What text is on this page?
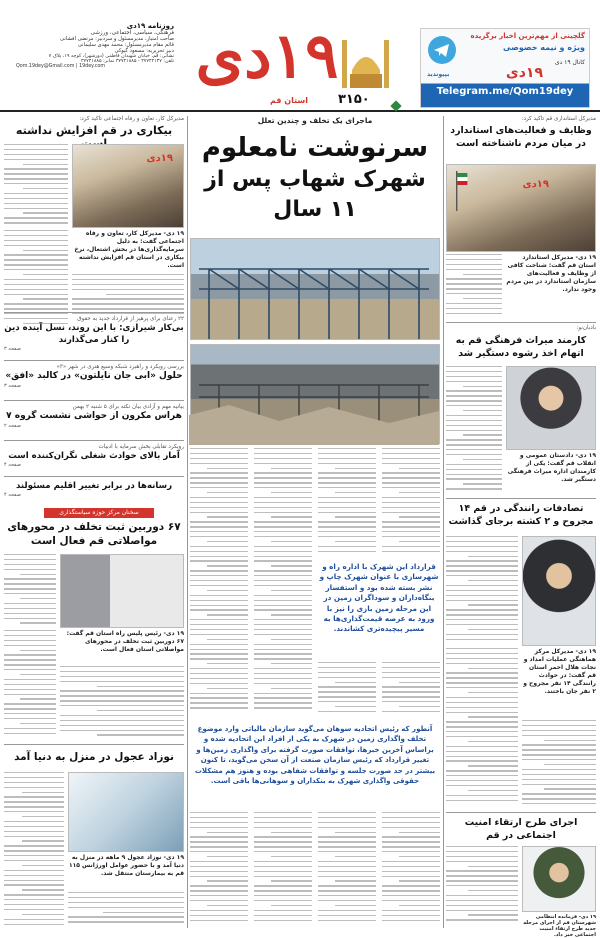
روزنامه ۱۹دی
فرهنگی، سیاسی، اجتماعی، ورزشی
صاحب امتیاز، مدیرمسئول و سردبیر: مرتضی افشانی
قائم مقام مدیرمسئول: محمد مهدی سلیمانی
دبیر تحریریه: مسعود گیوکی
نشانی: قم، خیابان شهیدان فاطمی (دورشهر)، کوچه ۱۹، پلاک ۷
تلفن: ۳۷۷۴۲۱۳۷ - ۳۷۷۴۱۸۸۵ نمابر: ۳۷۷۴۱۸۸۵
Qom.19dey@Gmail.com | 19dey.com	۱۹دی
استان قم ۳۱۵۰
گلچینی از مهم‌ترین اخبار برگزیده
ویژه و نیمه خصوصی
کانال ۱۹ دی
۱۹دی
بپیوندید
Telegram.me/Qom19dey
مدیرکل کار، تعاون و رفاه اجتماعی تاکید کرد:
بیکاری در قم افزایش نداشته
۱۹دی
۱۹ دی- مدیرکل کار، تعاون و رفاه اجتماعی گفت: به دلیل سرمایه‌گذاری‌ها در بخش اشتغال، نرخ بیکاری در استان قم افزایش نداشته است.
۲۲ رعنای برای پرهیز از قرارداد جدید به حقوق
بی‌کار شیرازی: با این روند، نسل آینده دین را کنار می‌گذارند
صفحه ۳
بررسی رویکرد و راهبرد شبکه وسیع هنری در شهر «۳»
حلول «ابی جان نایلتون» در کالبد «افق»
صفحه ۳
بیانیه مهم و آزادی بیان نکته برای ۵ شنبه ۲ بهمن
هراس مکرون از حواشی نشست گروه ۷
صفحه ۲
رویکرد تقابلی بخش سرمایه با ادبیات
آمار بالای حوادث شغلی نگران‌کننده است
صفحه ۴
رسانه‌ها در برابر تغییر اقلیم مسئولند
صفحه ۴
سخنان مرکز حوزه سیاستگذاری
۶۷ دوربین ثبت تخلف در محورهای مواصلاتی قم فعال است
۱۹ دی- رئیس پلیس راه استان قم گفت: ۶۷ دوربین ثبت تخلف در محورهای مواصلاتی استان فعال است.
نوزاد عجول در منزل به دنیا آمد
۱۹ دی- نوزاد عجول ۹ ماهه در منزل به دنیا آمد و با حضور عوامل اورژانس ۱۱۵ قم به بیمارستان منتقل شد.
ماجرای یک تخلف و چندین تعلل
سرنوشت نامعلوم
شهرک شهاب پس از ۱۱ سال
قرارداد این شهرک با اداره راه و شهرسازی با عنوان شهرک چاپ و نشر بسته شده بود و استفسار بنگاه‌داران و سوداگران زمین در این مرحله زمین بازی را نیز با ورود به عرصه قیمت‌گذاری‌ها به مسیر پیچیده‌تری کشاندند.
آنطور که رئیس اتحادیه سوهان می‌گوید سازمان مالیاتی وارد موضوع تخلف واگذاری زمین در شهرک به یکی از افراد این اتحادیه شده و براساس آخرین خبرها، توافقات صورت گرفته برای واگذاری زمین‌ها و تغییر قرارداد که رئیس سازمان صنعت از آن سخن می‌گوید، تا کنون بیشتر در حد صورت جلسه و توافقات شفاهی بوده و هنوز هم مشکلات حقوقی واگذاری شهرک به بنکداران و سوهانی‌ها باقی است.
مدیرکل استانداری قم تاکید کرد:
وظایف و فعالیت‌های استاندارد در میان مردم ناشناخته است
۱۹دی
۱۹ دی- مدیرکل استاندارد استان قم گفت: شناخت کافی از وظایف و فعالیت‌های سازمان استاندارد در بین مردم وجود ندارد.
بادبان‌نو:
کارمند میراث فرهنگی قم به اتهام اخذ رشوه دستگیر شد
۱۹ دی- دادستان عمومی و انقلاب قم گفت: یکی از کارمندان اداره میراث فرهنگی دستگیر شد.
تصادفات رانندگی در قم ۱۴ مجروح و ۲ کشته برجای گذاشت
۱۹ دی- مدیرکل مرکز هماهنگی عملیات امداد و نجات هلال احمر استان قم گفت: در حوادث رانندگی ۱۴ نفر مجروح و ۲ نفر جان باختند.
اجرای طرح ارتقاء امنیت اجتماعی در قم
۱۹ دی- فرمانده انتظامی شهرستان قم از اجرای مرحله جدید طرح ارتقاء امنیت اجتماعی خبر داد.
